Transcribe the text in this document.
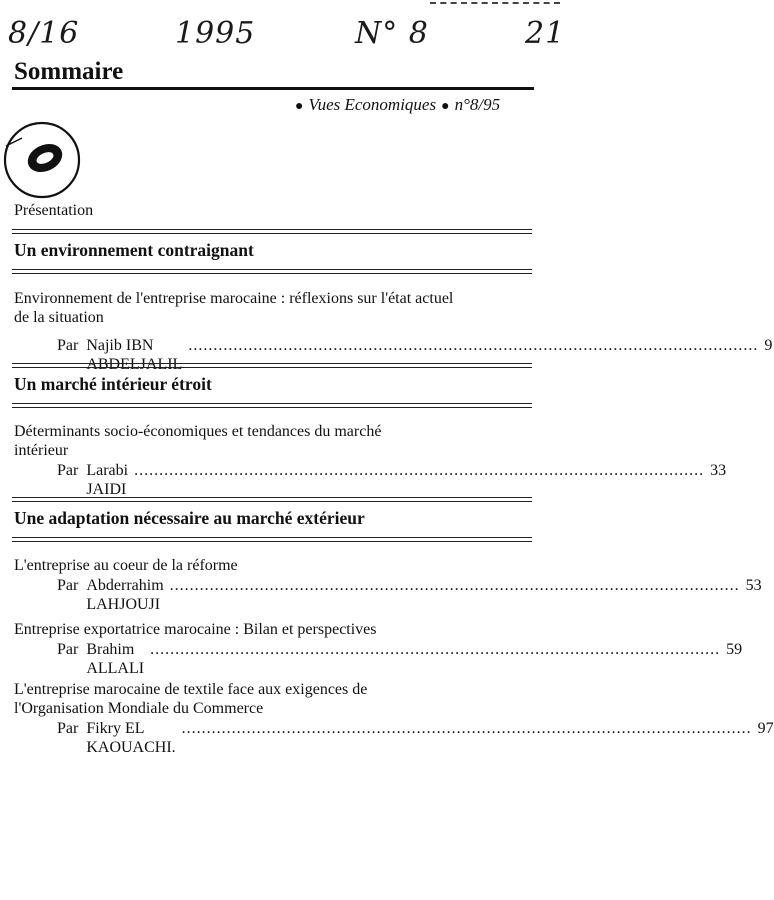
8/16	1995	N° 8	21
Sommaire
● Vues Economiques ● n°8/95
Présentation
Un environnement contraignant
Environnement de l'entreprise marocaine : réflexions sur l'état actuel
de la situation
Par Najib IBN ABDELJALIL
.................................................................................................................. 9
Un marché intérieur étroit
Déterminants socio-économiques et tendances du marché
intérieur
Par Larabi JAIDI
.................................................................................................................. 33
Une adaptation nécessaire au marché extérieur
L'entreprise au coeur de la réforme
Par Abderrahim LAHJOUJI
.................................................................................................................. 53
Entreprise exportatrice marocaine : Bilan et perspectives
Par Brahim ALLALI
.................................................................................................................. 59
L'entreprise marocaine de textile face aux exigences de
l'Organisation Mondiale du Commerce
Par Fikry EL KAOUACHI.
.................................................................................................................. 97
